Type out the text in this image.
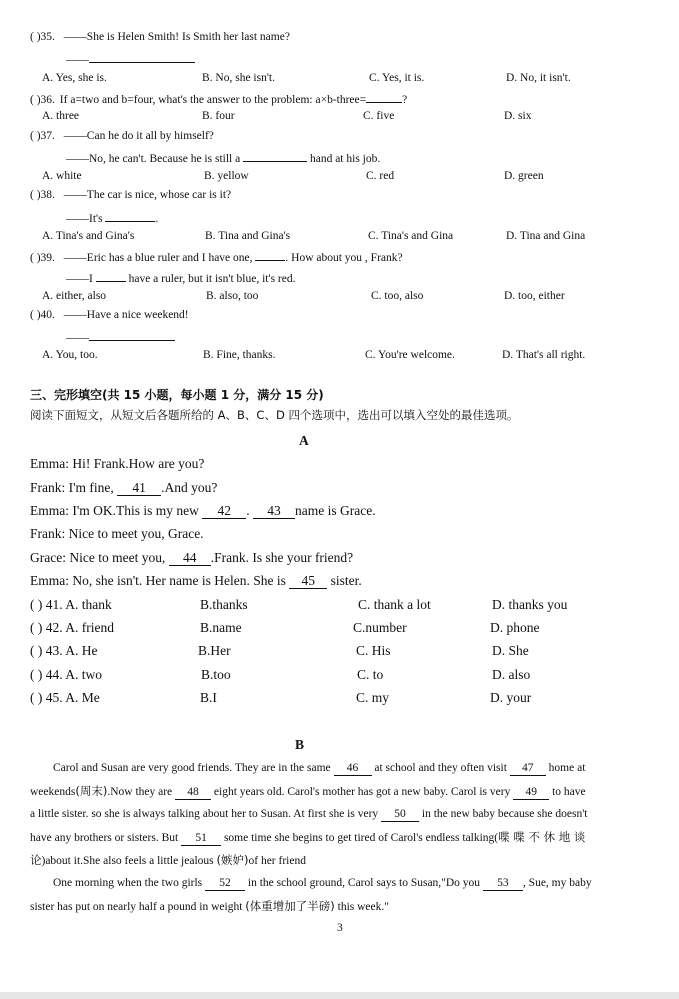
( )35. ——She is Helen Smith! Is Smith her last name?
——
A. Yes, she is.	B. No, she isn't.	C. Yes, it is.	D. No, it isn't.
( )36. If a=two and b=four, what's the answer to the problem: a×b-three=	?
A. three	B. four	C. five	D. six
( )37. ——Can he do it all by himself?
——No, he can't. Because he is still a	hand at his job.
A. white	B. yellow	C. red	D. green
( )38. ——The car is nice, whose car is it?
——It's	.
A. Tina's and Gina's	B. Tina and Gina's	C. Tina's and Gina	D. Tina and Gina
( )39. ——Eric has a blue ruler and I have one,	. How about you , Frank?
——I	have a ruler, but it isn't blue, it's red.
A. either, also	B. also, too	C. too, also	D. too, either
( )40. ——Have a nice weekend!
——
A. You, too.	B. Fine, thanks.	C. You're welcome.	D. That's all right.
三、完形填空(共 15 小题，每小题 1 分，满分 15 分)
阅读下面短文，从短文后各题所给的 A、B、C、D 四个选项中，选出可以填入空处的最佳选项。
A
Emma: Hi! Frank.How are you?
Frank: I'm fine, 41 .And you?
Emma: I'm OK.This is my new 42 . 43 name is Grace.
Frank: Nice to meet you, Grace.
Grace: Nice to meet you, 44 .Frank. Is she your friend?
Emma: No, she isn't. Her name is Helen. She is 45 sister.
( ) 41. A. thank	B.thanks	C. thank a lot	D. thanks you
( ) 42. A. friend	B.name	C.number	D. phone
( ) 43. A. He	B.Her	C. His	D. She
( ) 44. A. two	B.too	C. to	D. also
( ) 45. A. Me	B.I	C. my	D. your
B
Carol and Susan are very good friends. They are in the same 46 at school and they often visit 47 home at
weekends(周末).Now they are 48 eight years old. Carol's mother has got a new baby. Carol is very 49 to have
a little sister. so she is always talking about her to Susan. At first she is very 50 in the new baby because she doesn't
have any brothers or sisters. But 51 some time she begins to get tired of Carol's endless talking(喋 喋 不 休 地 谈
论)about it.She also feels a little jealous (嫉妒)of her friend
One morning when the two girls 52 in the school ground, Carol says to Susan,"Do you 53 , Sue, my baby
sister has put on nearly half a pound in weight (体重增加了半磅) this week."
3
